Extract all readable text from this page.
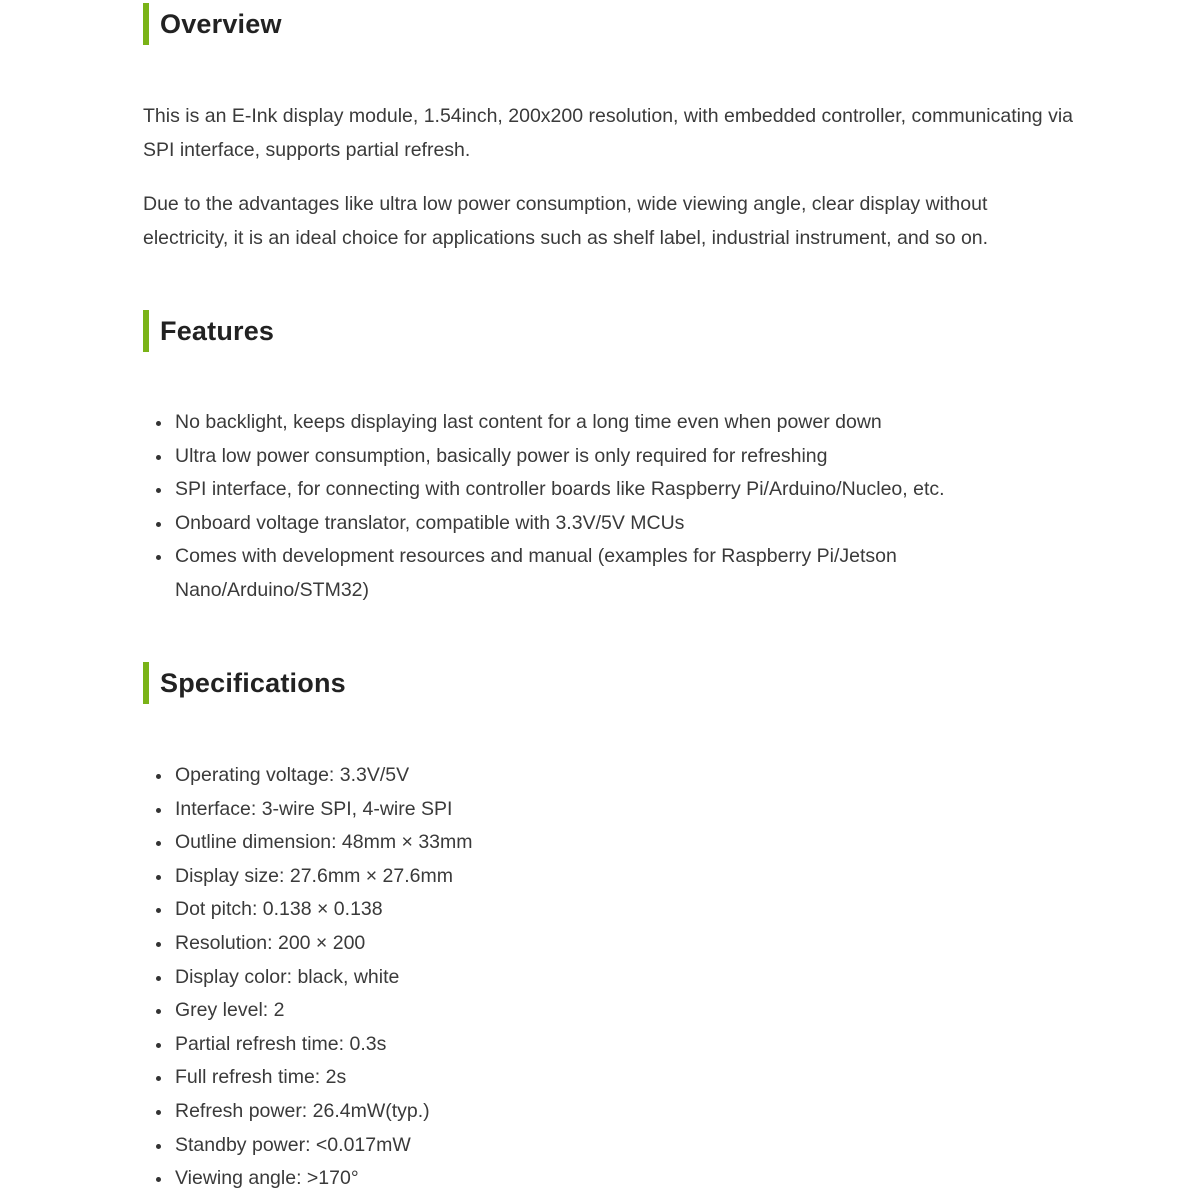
Overview

This is an E-Ink display module, 1.54inch, 200x200 resolution, with embedded controller, communicating via SPI interface, supports partial refresh.

Due to the advantages like ultra low power consumption, wide viewing angle, clear display without electricity, it is an ideal choice for applications such as shelf label, industrial instrument, and so on.

Features
No backlight, keeps displaying last content for a long time even when power down
Ultra low power consumption, basically power is only required for refreshing
SPI interface, for connecting with controller boards like Raspberry Pi/Arduino/Nucleo, etc.
Onboard voltage translator, compatible with 3.3V/5V MCUs
Comes with development resources and manual (examples for Raspberry Pi/Jetson Nano/Arduino/STM32)
Specifications
Operating voltage: 3.3V/5V
Interface: 3-wire SPI, 4-wire SPI
Outline dimension: 48mm × 33mm
Display size: 27.6mm × 27.6mm
Dot pitch: 0.138 × 0.138
Resolution: 200 × 200
Display color: black, white
Grey level: 2
Partial refresh time: 0.3s
Full refresh time: 2s
Refresh power: 26.4mW(typ.)
Standby power: <0.017mW
Viewing angle: >170°
